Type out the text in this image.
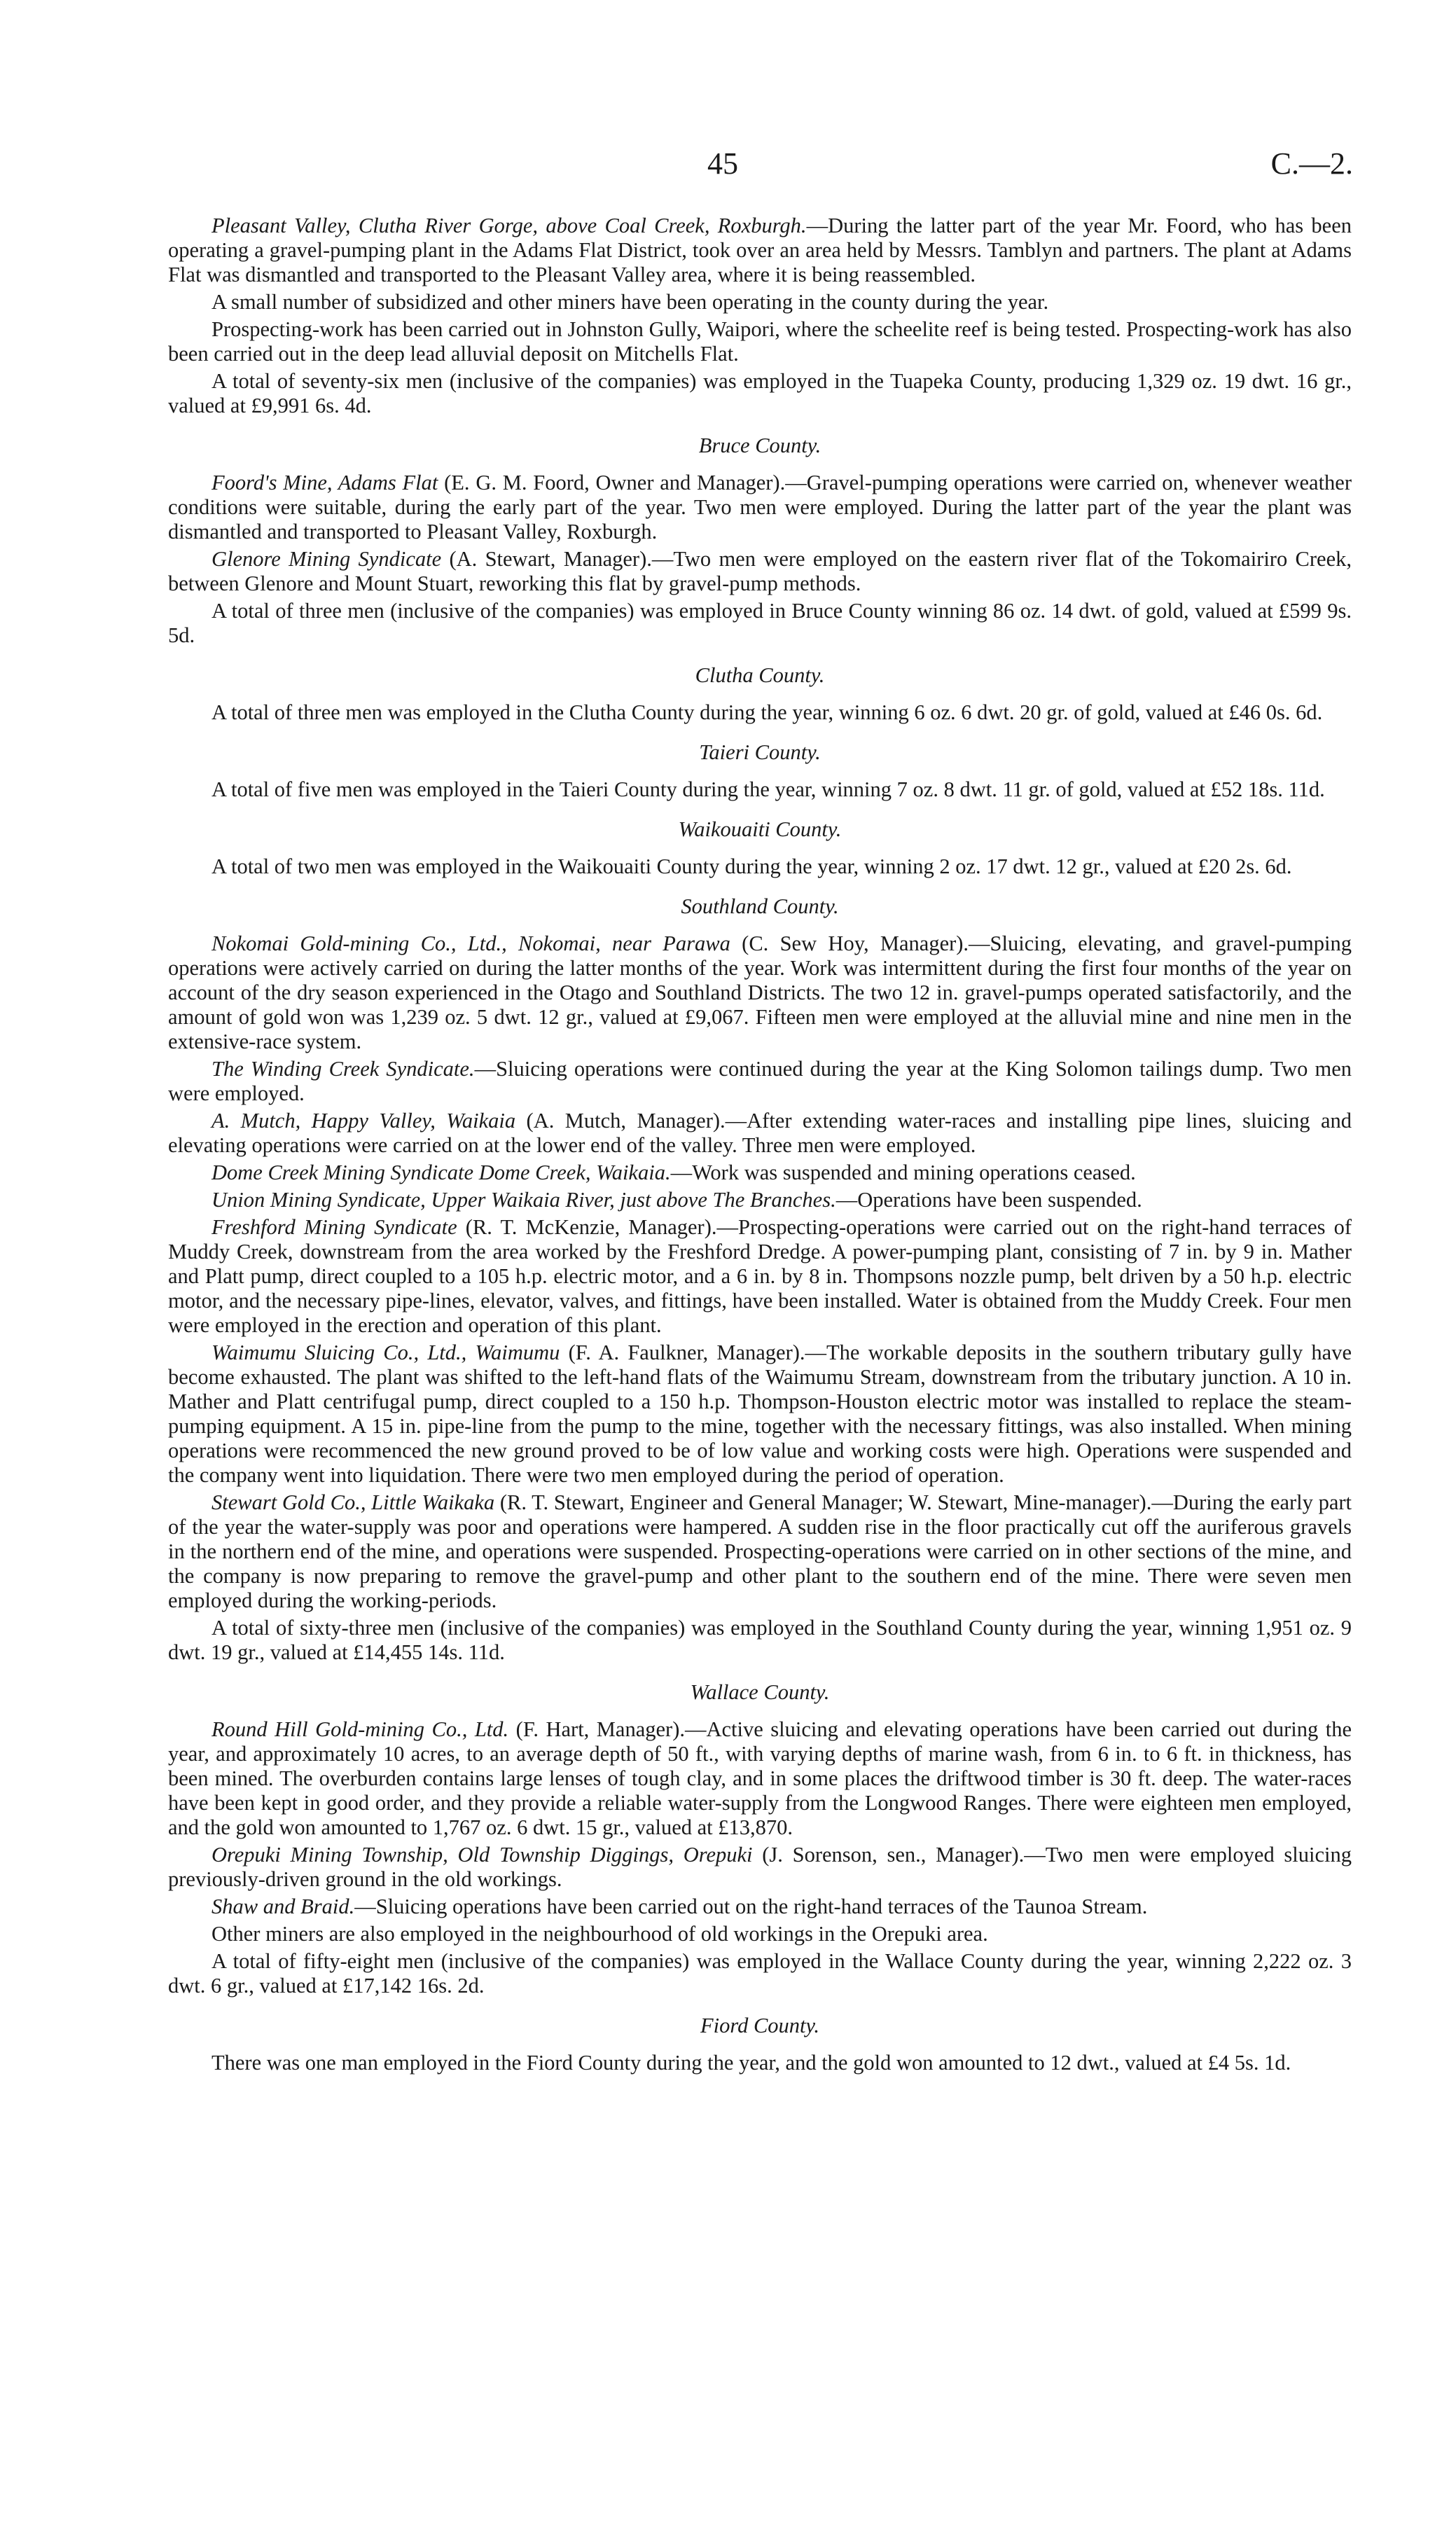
45	C.—2.

Pleasant Valley, Clutha River Gorge, above Coal Creek, Roxburgh.—During the latter part of the year Mr. Foord, who has been operating a gravel-pumping plant in the Adams Flat District, took over an area held by Messrs. Tamblyn and partners. The plant at Adams Flat was dismantled and transported to the Pleasant Valley area, where it is being reassembled.

A small number of subsidized and other miners have been operating in the county during the year.

Prospecting-work has been carried out in Johnston Gully, Waipori, where the scheelite reef is being tested. Prospecting-work has also been carried out in the deep lead alluvial deposit on Mitchells Flat.

A total of seventy-six men (inclusive of the companies) was employed in the Tuapeka County, producing 1,329 oz. 19 dwt. 16 gr., valued at £9,991 6s. 4d.

Bruce County.

Foord's Mine, Adams Flat (E. G. M. Foord, Owner and Manager).—Gravel-pumping operations were carried on, whenever weather conditions were suitable, during the early part of the year. Two men were employed. During the latter part of the year the plant was dismantled and transported to Pleasant Valley, Roxburgh.

Glenore Mining Syndicate (A. Stewart, Manager).—Two men were employed on the eastern river flat of the Tokomairiro Creek, between Glenore and Mount Stuart, reworking this flat by gravel-pump methods.

A total of three men (inclusive of the companies) was employed in Bruce County winning 86 oz. 14 dwt. of gold, valued at £599 9s. 5d.

Clutha County.

A total of three men was employed in the Clutha County during the year, winning 6 oz. 6 dwt. 20 gr. of gold, valued at £46 0s. 6d.

Taieri County.

A total of five men was employed in the Taieri County during the year, winning 7 oz. 8 dwt. 11 gr. of gold, valued at £52 18s. 11d.

Waikouaiti County.

A total of two men was employed in the Waikouaiti County during the year, winning 2 oz. 17 dwt. 12 gr., valued at £20 2s. 6d.

Southland County.

Nokomai Gold-mining Co., Ltd., Nokomai, near Parawa (C. Sew Hoy, Manager).—Sluicing, elevating, and gravel-pumping operations were actively carried on during the latter months of the year. Work was intermittent during the first four months of the year on account of the dry season experienced in the Otago and Southland Districts. The two 12 in. gravel-pumps operated satisfactorily, and the amount of gold won was 1,239 oz. 5 dwt. 12 gr., valued at £9,067. Fifteen men were employed at the alluvial mine and nine men in the extensive-race system.

The Winding Creek Syndicate.—Sluicing operations were continued during the year at the King Solomon tailings dump. Two men were employed.

A. Mutch, Happy Valley, Waikaia (A. Mutch, Manager).—After extending water-races and installing pipe lines, sluicing and elevating operations were carried on at the lower end of the valley. Three men were employed.

Dome Creek Mining Syndicate Dome Creek, Waikaia.—Work was suspended and mining operations ceased.

Union Mining Syndicate, Upper Waikaia River, just above The Branches.—Operations have been suspended.

Freshford Mining Syndicate (R. T. McKenzie, Manager).—Prospecting-operations were carried out on the right-hand terraces of Muddy Creek, downstream from the area worked by the Freshford Dredge. A power-pumping plant, consisting of 7 in. by 9 in. Mather and Platt pump, direct coupled to a 105 h.p. electric motor, and a 6 in. by 8 in. Thompsons nozzle pump, belt driven by a 50 h.p. electric motor, and the necessary pipe-lines, elevator, valves, and fittings, have been installed. Water is obtained from the Muddy Creek. Four men were employed in the erection and operation of this plant.

Waimumu Sluicing Co., Ltd., Waimumu (F. A. Faulkner, Manager).—The workable deposits in the southern tributary gully have become exhausted. The plant was shifted to the left-hand flats of the Waimumu Stream, downstream from the tributary junction. A 10 in. Mather and Platt centrifugal pump, direct coupled to a 150 h.p. Thompson-Houston electric motor was installed to replace the steam-pumping equipment. A 15 in. pipe-line from the pump to the mine, together with the necessary fittings, was also installed. When mining operations were recommenced the new ground proved to be of low value and working costs were high. Operations were suspended and the company went into liquidation. There were two men employed during the period of operation.

Stewart Gold Co., Little Waikaka (R. T. Stewart, Engineer and General Manager; W. Stewart, Mine-manager).—During the early part of the year the water-supply was poor and operations were hampered. A sudden rise in the floor practically cut off the auriferous gravels in the northern end of the mine, and operations were suspended. Prospecting-operations were carried on in other sections of the mine, and the company is now preparing to remove the gravel-pump and other plant to the southern end of the mine. There were seven men employed during the working-periods.

A total of sixty-three men (inclusive of the companies) was employed in the Southland County during the year, winning 1,951 oz. 9 dwt. 19 gr., valued at £14,455 14s. 11d.

Wallace County.

Round Hill Gold-mining Co., Ltd. (F. Hart, Manager).—Active sluicing and elevating operations have been carried out during the year, and approximately 10 acres, to an average depth of 50 ft., with varying depths of marine wash, from 6 in. to 6 ft. in thickness, has been mined. The overburden contains large lenses of tough clay, and in some places the driftwood timber is 30 ft. deep. The water-races have been kept in good order, and they provide a reliable water-supply from the Longwood Ranges. There were eighteen men employed, and the gold won amounted to 1,767 oz. 6 dwt. 15 gr., valued at £13,870.

Orepuki Mining Township, Old Township Diggings, Orepuki (J. Sorenson, sen., Manager).—Two men were employed sluicing previously-driven ground in the old workings.

Shaw and Braid.—Sluicing operations have been carried out on the right-hand terraces of the Taunoa Stream.

Other miners are also employed in the neighbourhood of old workings in the Orepuki area.

A total of fifty-eight men (inclusive of the companies) was employed in the Wallace County during the year, winning 2,222 oz. 3 dwt. 6 gr., valued at £17,142 16s. 2d.

Fiord County.

There was one man employed in the Fiord County during the year, and the gold won amounted to 12 dwt., valued at £4 5s. 1d.
